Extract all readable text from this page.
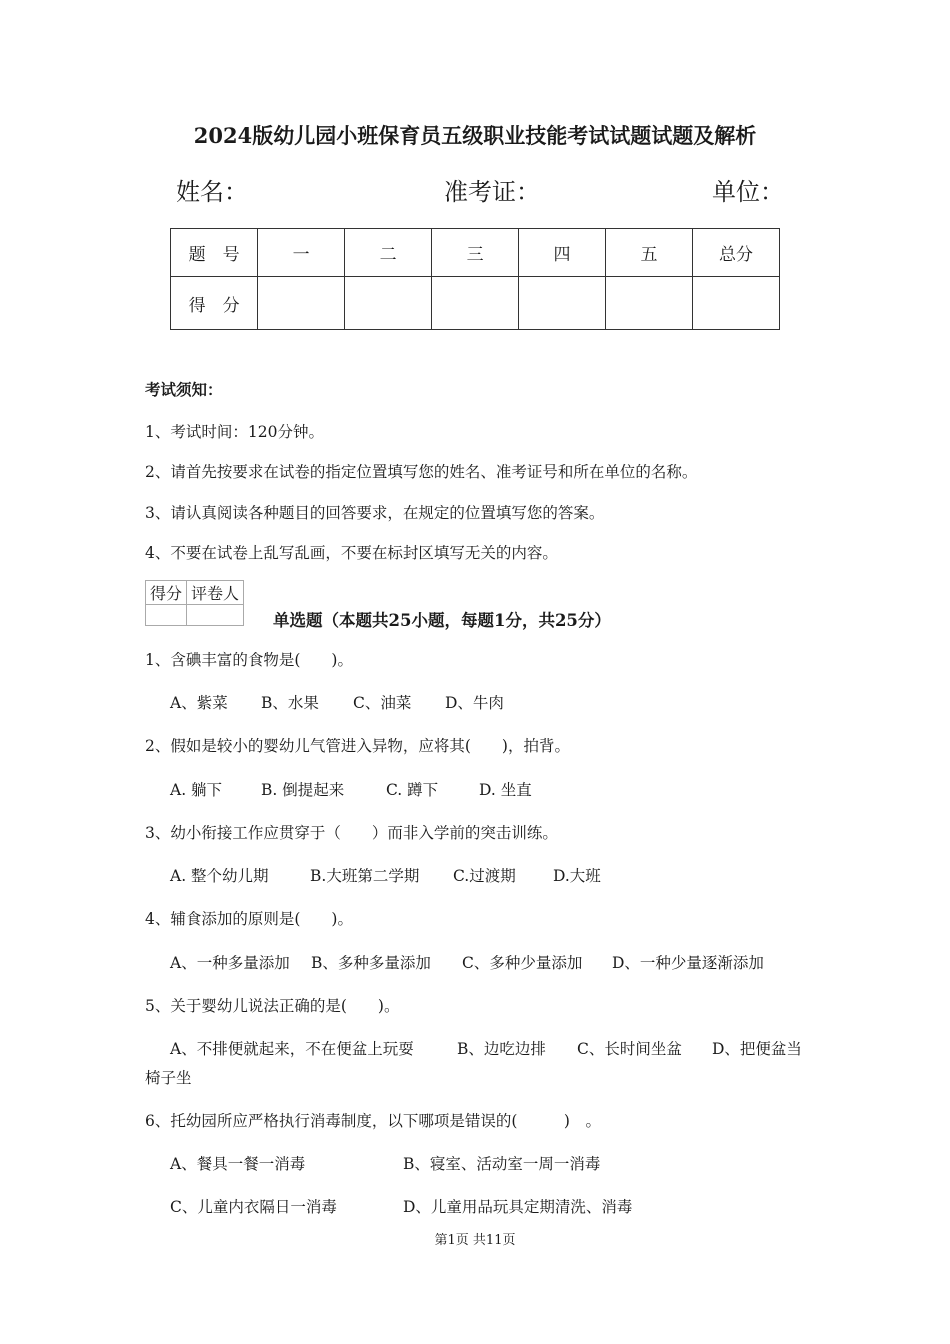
2024版幼儿园小班保育员五级职业技能考试试题试题及解析
姓名：	准考证：	单位：
题　号	一	二	三	四	五	总分
得　分						
考试须知：
1、考试时间：120分钟。
2、请首先按要求在试卷的指定位置填写您的姓名、准考证号和所在单位的名称。
3、请认真阅读各种题目的回答要求，在规定的位置填写您的答案。
4、不要在试卷上乱写乱画，不要在标封区填写无关的内容。
得分	评卷人

单选题（本题共25小题，每题1分，共25分）
1、含碘丰富的食物是(　　)。
A、紫菜 B、水果 C、油菜 D、牛肉
2、假如是较小的婴幼儿气管进入异物，应将其(　　)，拍背。
A. 躺下	B. 倒提起来	C. 蹲下	D. 坐直
3、幼小衔接工作应贯穿于（　　）而非入学前的突击训练。
A. 整个幼儿期	B.大班第二学期 C.过渡期 D.大班
4、辅食添加的原则是(　　)。
A、一种多量添加 B、多种多量添加 C、多种少量添加 D、一种少量逐渐添加
5、关于婴幼儿说法正确的是(　　)。
A、不排便就起来，不在便盆上玩耍	B、边吃边排 C、长时间坐盆 D、把便盆当
椅子坐
6、托幼园所应严格执行消毒制度，以下哪项是错误的(　　　)　。
A、餐具一餐一消毒	B、寝室、活动室一周一消毒
C、儿童内衣隔日一消毒	D、儿童用品玩具定期清洗、消毒
第1页 共11页
